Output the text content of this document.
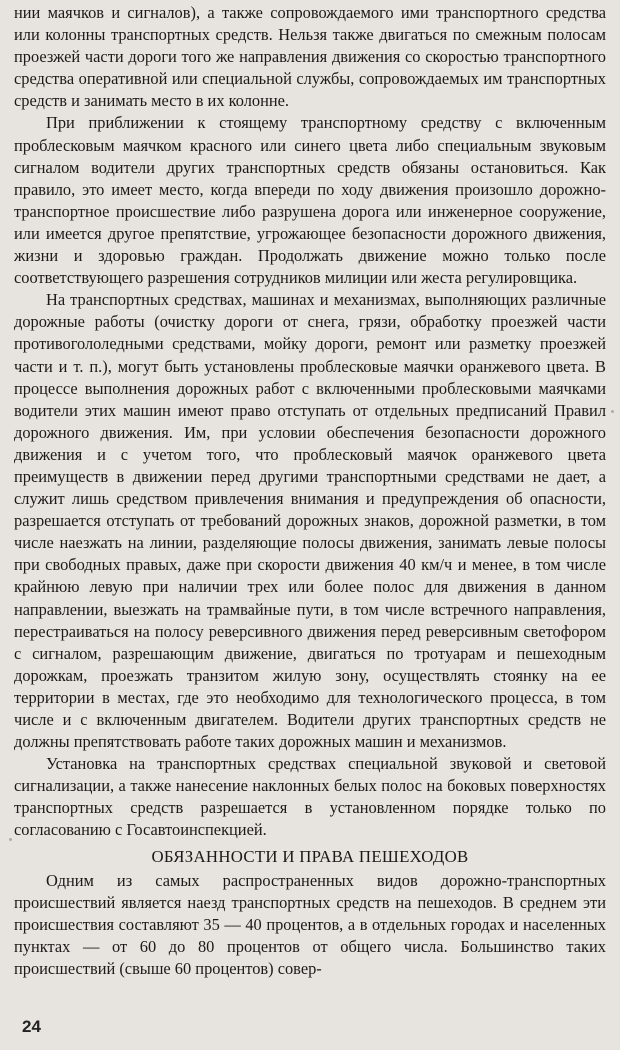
нии маячков и сигналов), а также сопровождаемого ими транспортного средства или колонны транспортных средств. Нельзя также двигаться по смежным полосам проезжей части дороги того же направления движения со скоростью транспортного средства оперативной или специальной службы, сопровождаемых им транспортных средств и занимать место в их колонне.

При приближении к стоящему транспортному средству с включенным проблесковым маячком красного или синего цвета либо специальным звуковым сигналом водители других транспортных средств обязаны остановиться. Как правило, это имеет место, когда впереди по ходу движения произошло дорожно-транспортное происшествие либо разрушена дорога или инженерное сооружение, или имеется другое препятствие, угрожающее безопасности дорожного движения, жизни и здоровью граждан. Продолжать движение можно только после соответствующего разрешения сотрудников милиции или жеста регулировщика.

На транспортных средствах, машинах и механизмах, выполняющих различные дорожные работы (очистку дороги от снега, грязи, обработку проезжей части противогололедными средствами, мойку дороги, ремонт или разметку проезжей части и т. п.), могут быть установлены проблесковые маячки оранжевого цвета. В процессе выполнения дорожных работ с включенными проблесковыми маячками водители этих машин имеют право отступать от отдельных предписаний Правил дорожного движения. Им, при условии обеспечения безопасности дорожного движения и с учетом того, что проблесковый маячок оранжевого цвета преимуществ в движении перед другими транспортными средствами не дает, а служит лишь средством привлечения внимания и предупреждения об опасности, разрешается отступать от требований дорожных знаков, дорожной разметки, в том числе наезжать на линии, разделяющие полосы движения, занимать левые полосы при свободных правых, даже при скорости движения 40 км/ч и менее, в том числе крайнюю левую при наличии трех или более полос для движения в данном направлении, выезжать на трамвайные пути, в том числе встречного направления, перестраиваться на полосу реверсивного движения перед реверсивным светофором с сигналом, разрешающим движение, двигаться по тротуарам и пешеходным дорожкам, проезжать транзитом жилую зону, осуществлять стоянку на ее территории в местах, где это необходимо для технологического процесса, в том числе и с включенным двигателем. Водители других транспортных средств не должны препятствовать работе таких дорожных машин и механизмов.

Установка на транспортных средствах специальной звуковой и световой сигнализации, а также нанесение наклонных белых полос на боковых поверхностях транспортных средств разрешается в установленном порядке только по согласованию с Госавтоинспекцией.

ОБЯЗАННОСТИ И ПРАВА ПЕШЕХОДОВ

Одним из самых распространенных видов дорожно-транспортных происшествий является наезд транспортных средств на пешеходов. В среднем эти происшествия составляют 35 — 40 процентов, а в отдельных городах и населенных пунктах — от 60 до 80 процентов от общего числа. Большинство таких происшествий (свыше 60 процентов) совер-

24
